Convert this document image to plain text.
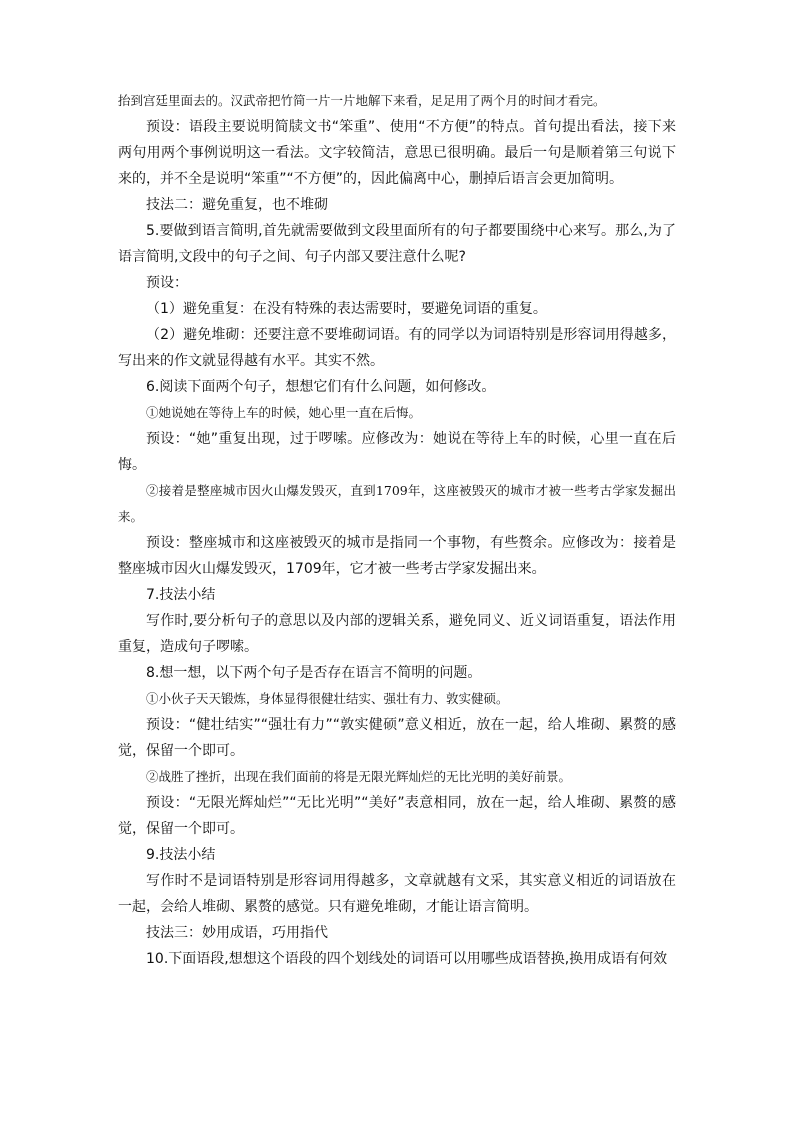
抬到宫廷里面去的。汉武帝把竹简一片一片地解下来看，足足用了两个月的时间才看完。

预设：语段主要说明简牍文书“笨重”、使用“不方便”的特点。首句提出看法，接下来两句用两个事例说明这一看法。文字较简洁，意思已很明确。最后一句是顺着第三句说下来的，并不全是说明“笨重”“不方便”的，因此偏离中心，删掉后语言会更加简明。

技法二：避免重复，也不堆砌

5.要做到语言简明,首先就需要做到文段里面所有的句子都要围绕中心来写。那么,为了语言简明,文段中的句子之间、句子内部又要注意什么呢?

预设：

（1）避免重复：在没有特殊的表达需要时，要避免词语的重复。

（2）避免堆砌：还要注意不要堆砌词语。有的同学以为词语特别是形容词用得越多，写出来的作文就显得越有水平。其实不然。

6.阅读下面两个句子，想想它们有什么问题，如何修改。

①她说她在等待上车的时候，她心里一直在后悔。

预设：“她”重复出现，过于啰嗦。应修改为：她说在等待上车的时候，心里一直在后悔。

②接着是整座城市因火山爆发毁灭，直到1709年，这座被毁灭的城市才被一些考古学家发掘出来。

预设：整座城市和这座被毁灭的城市是指同一个事物，有些赘余。应修改为：接着是整座城市因火山爆发毁灭，1709年，它才被一些考古学家发掘出来。

7.技法小结

写作时,要分析句子的意思以及内部的逻辑关系，避免同义、近义词语重复，语法作用重复，造成句子啰嗦。

8.想一想，以下两个句子是否存在语言不简明的问题。

①小伙子天天锻炼，身体显得很健壮结实、强壮有力、敦实健硕。

预设：“健壮结实”“强壮有力”“敦实健硕”意义相近，放在一起，给人堆砌、累赘的感觉，保留一个即可。

②战胜了挫折，出现在我们面前的将是无限光辉灿烂的无比光明的美好前景。

预设：“无限光辉灿烂”“无比光明”“美好”表意相同，放在一起，给人堆砌、累赘的感觉，保留一个即可。

9.技法小结

写作时不是词语特别是形容词用得越多，文章就越有文采，其实意义相近的词语放在一起，会给人堆砌、累赘的感觉。只有避免堆砌，才能让语言简明。

技法三：妙用成语，巧用指代

10.下面语段,想想这个语段的四个划线处的词语可以用哪些成语替换,换用成语有何效
